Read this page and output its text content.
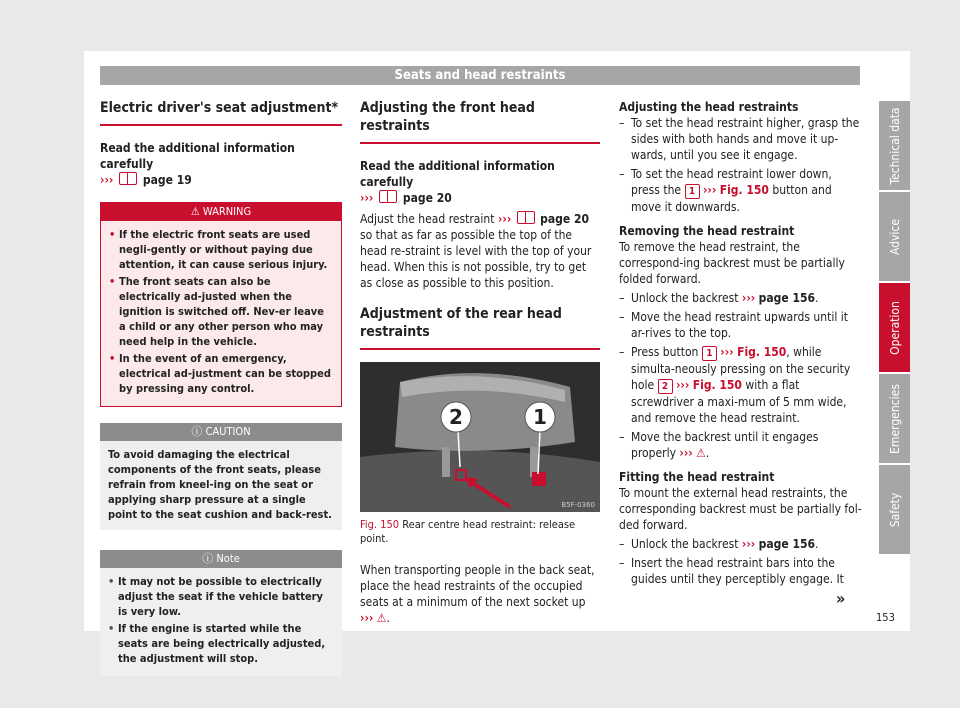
Seats and head restraints
Electric driver's seat adjustment*

Read the additional information carefully
››› page 19

⚠ WARNING
• If the electric front seats are used negli-gently or without paying due attention, it can cause serious injury.
• The front seats can also be electrically ad-justed when the ignition is switched off. Nev-er leave a child or any other person who may need help in the vehicle.
• In the event of an emergency, electrical ad-justment can be stopped by pressing any control.
ⓘ CAUTION
To avoid damaging the electrical components of the front seats, please refrain from kneel-ing on the seat or applying sharp pressure at a single point to the seat cushion and back-rest.
ⓘ Note
• It may not be possible to electrically adjust the seat if the vehicle battery is very low.
• If the engine is started while the seats are being electrically adjusted, the adjustment will stop.
Adjusting the front head restraints

Read the additional information carefully
››› page 20

Adjust the head restraint ››› page 20 so that as far as possible the top of the head re-straint is level with the top of your head. When this is not possible, try to get as close as possible to this position.

Adjustment of the rear head restraints
2	1
B5F-0360

Fig. 150 Rear centre head restraint: release point.

When transporting people in the back seat, place the head restraints of the occupied seats at a minimum of the next socket up ››› ⚠.

Adjusting the head restraints

– To set the head restraint higher, grasp the sides with both hands and move it up-wards, until you see it engage.
– To set the head restraint lower down, press the 1 ››› Fig. 150 button and move it downwards.

Removing the head restraint

To remove the head restraint, the correspond-ing backrest must be partially folded forward.

– Unlock the backrest ››› page 156.
– Move the head restraint upwards until it ar-rives to the top.
– Press button 1 ››› Fig. 150, while simulta-neously pressing on the security hole 2 ››› Fig. 150 with a flat screwdriver a maxi-mum of 5 mm wide, and remove the head restraint.
– Move the backrest until it engages properly ››› ⚠.

Fitting the head restraint

To mount the external head restraints, the corresponding backrest must be partially fol-ded forward.

– Unlock the backrest ››› page 156.
– Insert the head restraint bars into the guides until they perceptibly engage. It
»
Technical data
Advice
Operation
Emergencies
Safety
153
